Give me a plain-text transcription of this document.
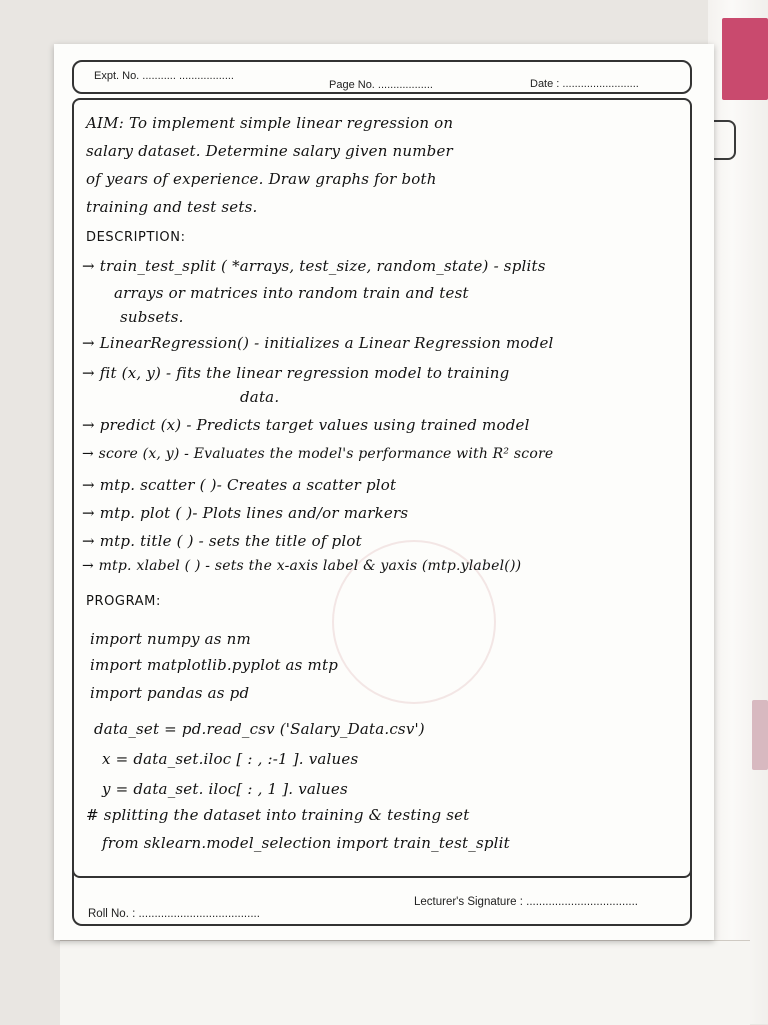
Expt. No. ........... ..................
Page No. ..................	Date : .........................
AIM: To implement simple linear regression on
salary dataset. Determine salary given number
of years of experience. Draw graphs for both
training and test sets.
DESCRIPTION:
→ train_test_split ( *arrays, test_size, random_state) - splits
arrays or matrices into random train and test
subsets.
→ LinearRegression() - initializes a Linear Regression model
→ fit (x, y) - fits the linear regression model to training
data.
→ predict (x) - Predicts target values using trained model
→ score (x, y) - Evaluates the model's performance with R² score
→ mtp. scatter ( )- Creates a scatter plot
→ mtp. plot ( )- Plots lines and/or markers
→ mtp. title ( ) - sets the title of plot
→ mtp. xlabel ( ) - sets the x-axis label & yaxis (mtp.ylabel())
PROGRAM:
import numpy as nm
import matplotlib.pyplot as mtp
import pandas as pd
data_set = pd.read_csv ('Salary_Data.csv')
x = data_set.iloc [ : , :-1 ]. values
y = data_set. iloc[ : , 1 ]. values
# splitting the dataset into training & testing set
from sklearn.model_selection import train_test_split
Lecturer's Signature : ...................................
Roll No. : ......................................
